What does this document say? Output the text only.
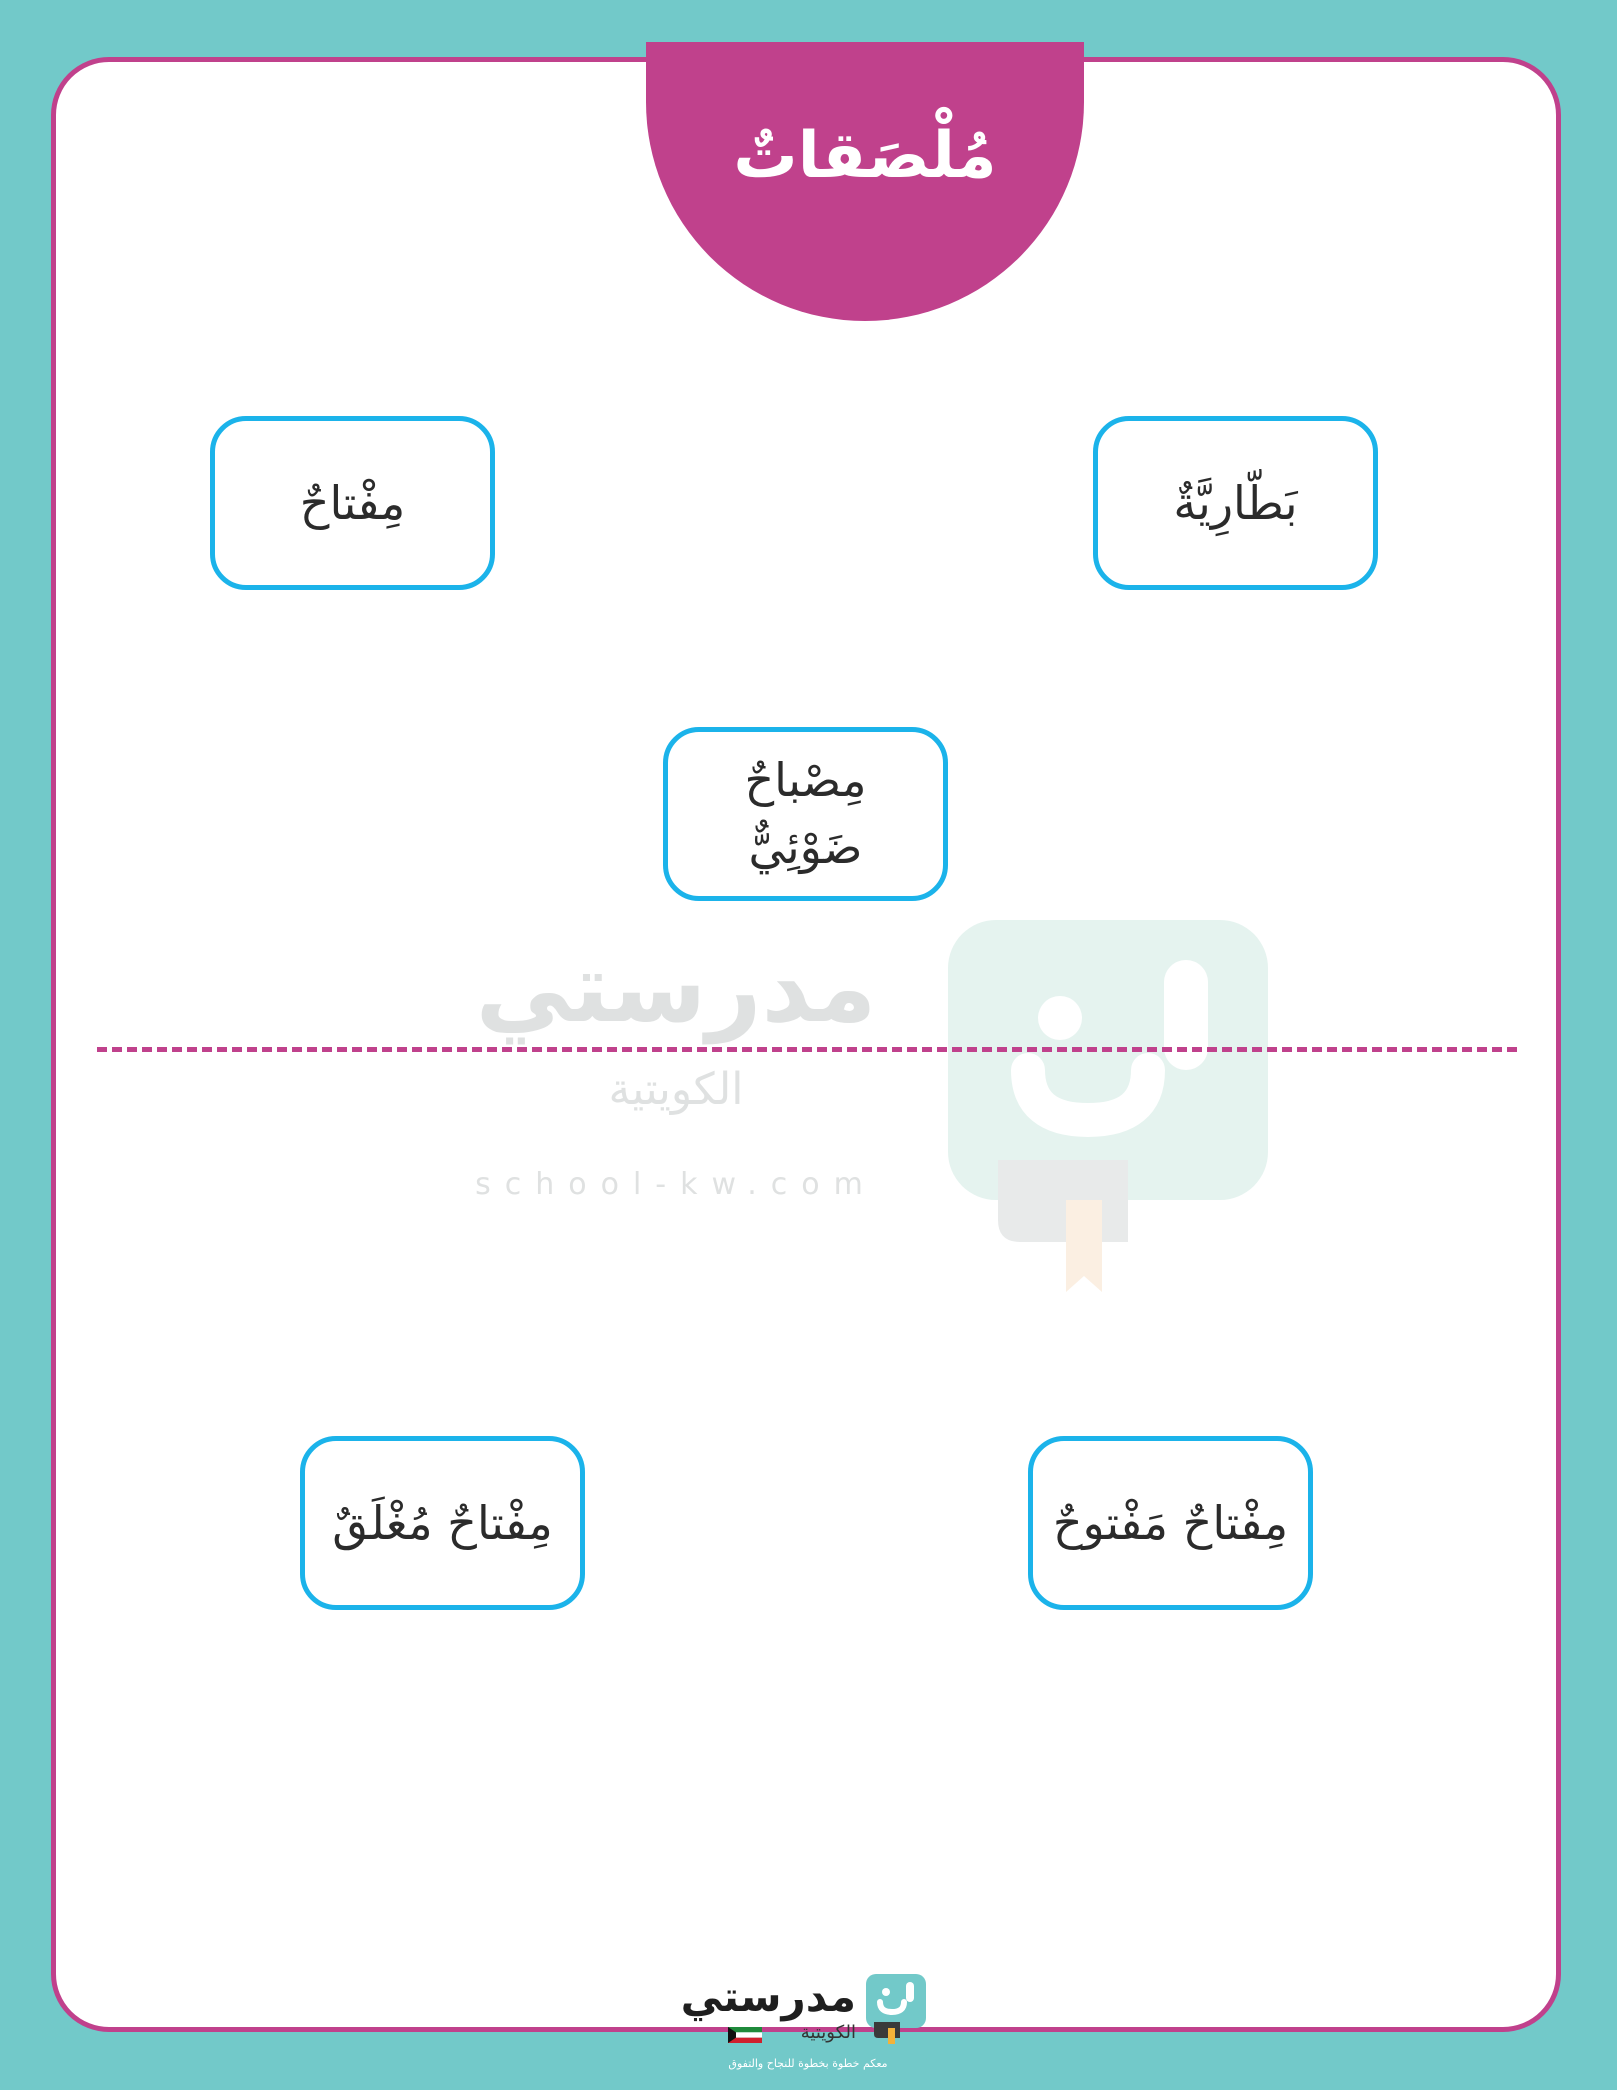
مُلْصَقاتٌ
مدرستي
الكويتية
school-kw.com
مِفْتاحٌ	بَطّارِيَّةٌ
مِصْباحٌ
ضَوْئِيٌّ
مِفْتاحٌ مُغْلَقٌ	مِفْتاحٌ مَفْتوحٌ
مدرستي
الكويتية
معكم خطوة بخطوة للنجاح والتفوق
